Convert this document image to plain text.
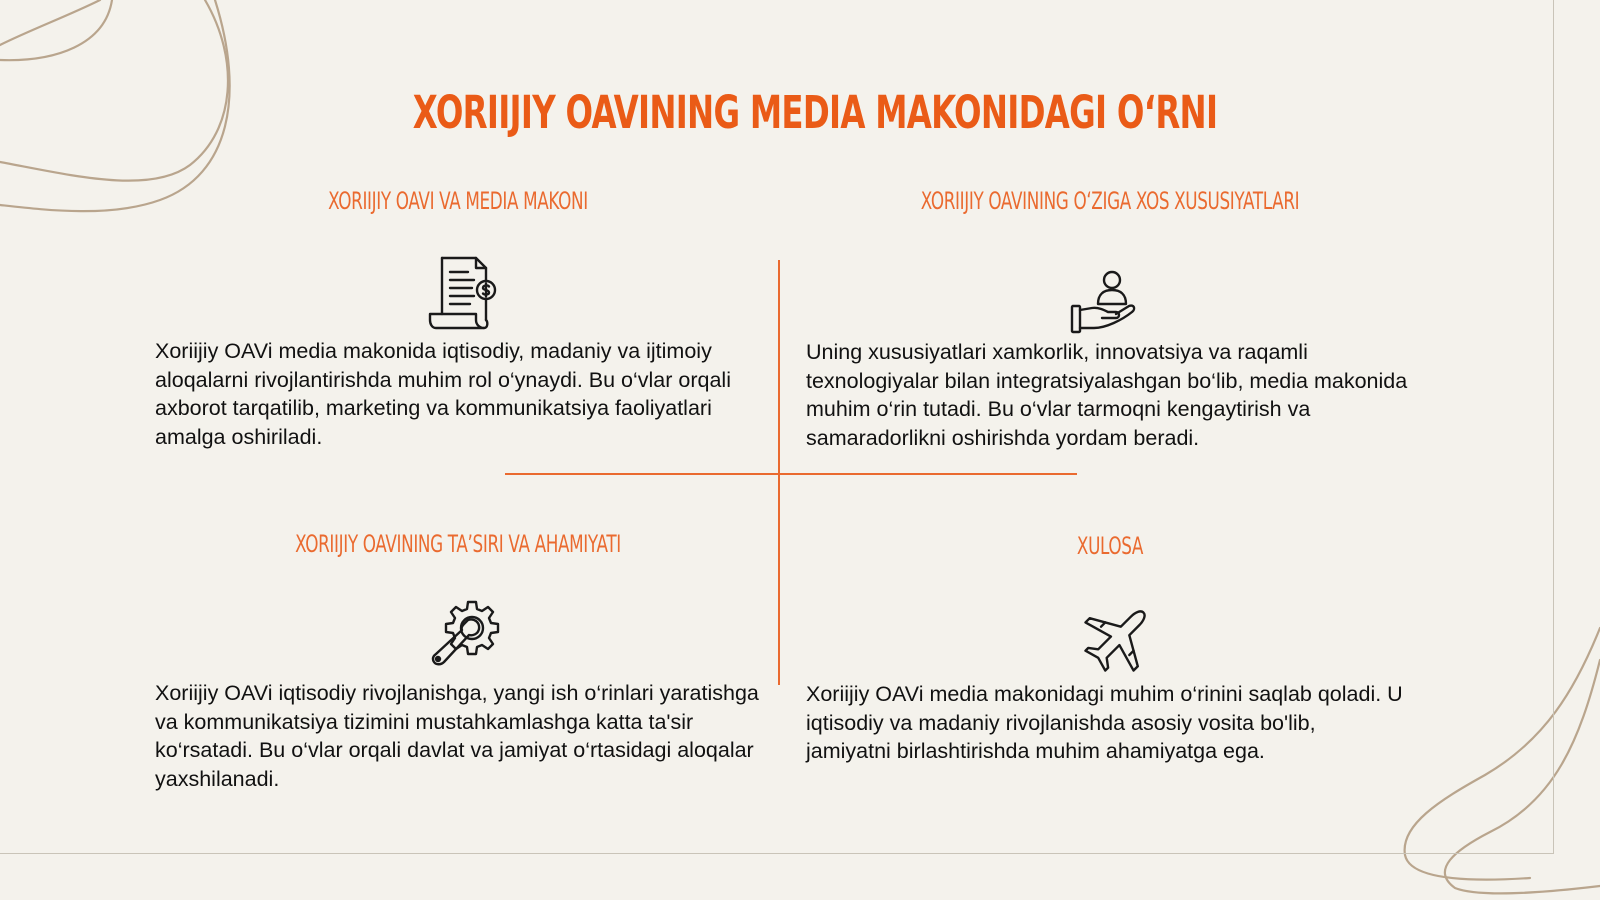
XORIIJIY OAVINING MEDIA MAKONIDAGI O‘RNI
XORIIJIY OAVI VA MEDIA MAKONI

Xoriijiy OAVi media makonida iqtisodiy, madaniy va ijtimoiy aloqalarni rivojlantirishda muhim rol o‘ynaydi. Bu o‘vlar orqali axborot tarqatilib, marketing va kommunikatsiya faoliyatlari amalga oshiriladi.

XORIIJIY OAVINING O‘ZIGA XOS XUSUSIYATLARI

Uning xususiyatlari xamkorlik, innovatsiya va raqamli texnologiyalar bilan integratsiyalashgan bo‘lib, media makonida muhim o‘rin tutadi. Bu o‘vlar tarmoqni kengaytirish va samaradorlikni oshirishda yordam beradi.

XORIIJIY OAVINING TA’SIRI VA AHAMIYATI

Xoriijiy OAVi iqtisodiy rivojlanishga, yangi ish o‘rinlari yaratishga va kommunikatsiya tizimini mustahkamlashga katta ta'sir ko‘rsatadi. Bu o‘vlar orqali davlat va jamiyat o‘rtasidagi aloqalar yaxshilanadi.

XULOSA

Xoriijiy OAVi media makonidagi muhim o‘rinini saqlab qoladi. U iqtisodiy va madaniy rivojlanishda asosiy vosita bo'lib, jamiyatni birlashtirishda muhim ahamiyatga ega.
